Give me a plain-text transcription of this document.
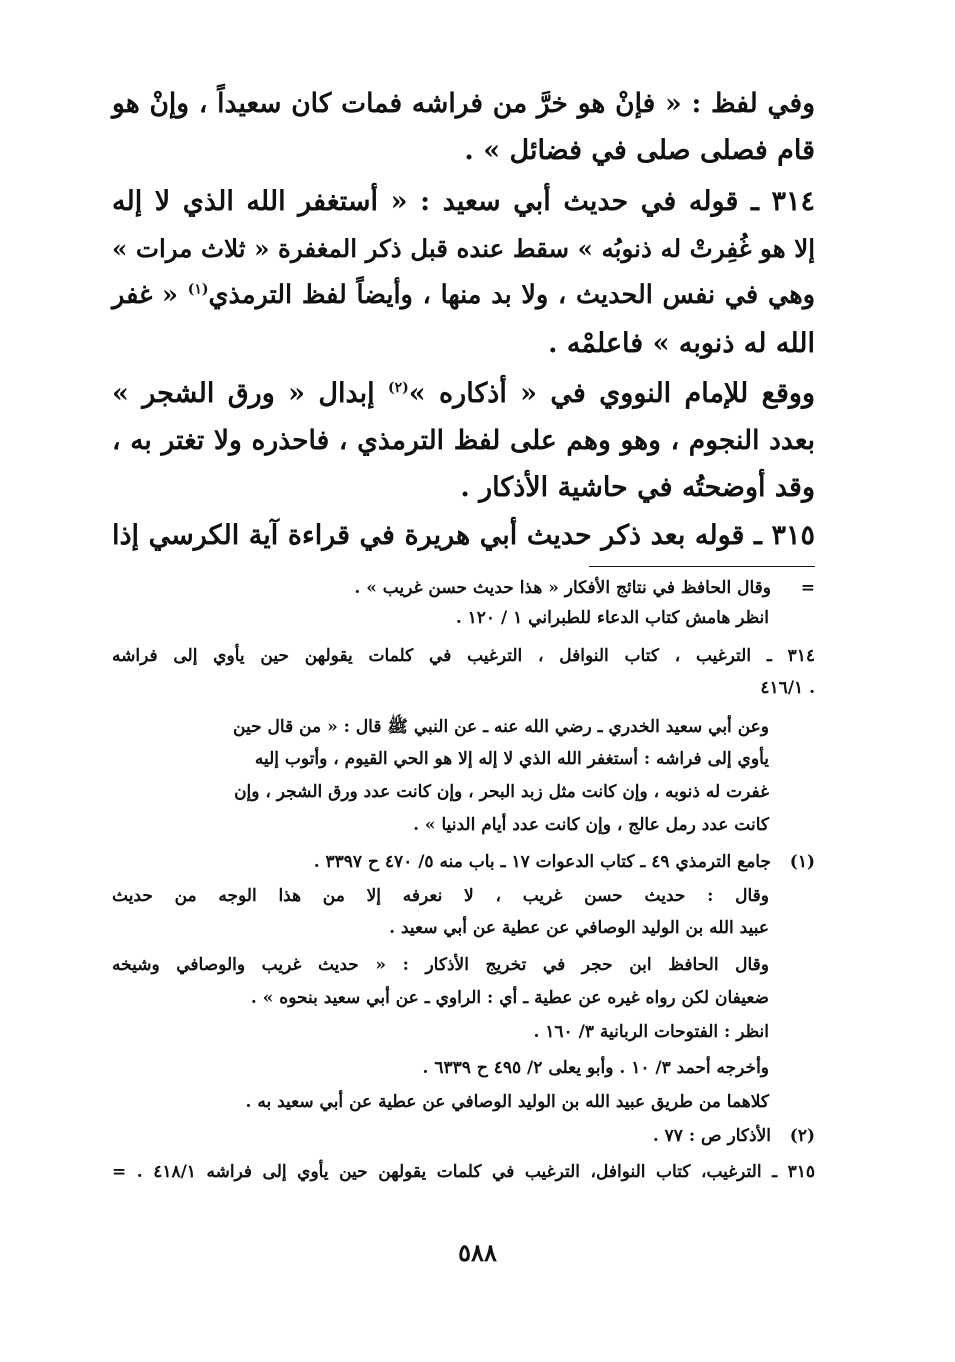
وفي لفظ : « فإنْ هو خرَّ من فراشه فمات كان سعيداً ، وإنْ هو
قام فصلى صلى في فضائل » .
٣١٤ ـ قوله في حديث أبي سعيد : « أستغفر الله الذي لا إله
إلا هو غُفِرتْ له ذنوبُه » سقط عنده قبل ذكر المغفرة « ثلاث مرات »
وهي في نفس الحديث ، ولا بد منها ، وأيضاً لفظ الترمذي$^{(١)}$ « غفر
الله له ذنوبه » فاعلمْه .
ووقع للإمام النووي في « أذكاره »$^{(٢)}$ إبدال « ورق الشجر »
بعدد النجوم ، وهو وهم على لفظ الترمذي ، فاحذره ولا تغتر به ،
وقد أوضحتُه في حاشية الأذكار .
٣١٥ ـ قوله بعد ذكر حديث أبي هريرة في قراءة آية الكرسي إذا
=وقال الحافظ في نتائج الأفكار « هذا حديث حسن غريب » .
انظر هامش كتاب الدعاء للطبراني ١ / ١٢٠ .
٣١٤ ـ الترغيب ، كتاب النوافل ، الترغيب في كلمات يقولهن حين يأوي إلى فراشه
٤١٦/١ .
وعن أبي سعيد الخدري ـ رضي الله عنه ـ عن النبي ﷺ قال : « من قال حين
يأوي إلى فراشه : أستغفر الله الذي لا إله إلا هو الحي القيوم ، وأتوب إليه
غفرت له ذنوبه ، وإن كانت مثل زبد البحر ، وإن كانت عدد ورق الشجر ، وإن
كانت عدد رمل عالج ، وإن كانت عدد أيام الدنيا » .
(١)جامع الترمذي ٤٩ ـ كتاب الدعوات ١٧ ـ باب منه ٥/ ٤٧٠ ح ٣٣٩٧ .
وقال : حديث حسن غريب ، لا نعرفه إلا من هذا الوجه من حديث
عبيد الله بن الوليد الوصافي عن عطية عن أبي سعيد .
وقال الحافظ ابن حجر في تخريج الأذكار : « حديث غريب والوصافي وشيخه
ضعيفان لكن رواه غيره عن عطية ـ أي : الراوي ـ عن أبي سعيد بنحوه » .
انظر : الفتوحات الربانية ٣/ ١٦٠ .
وأخرجه أحمد ٣/ ١٠ . وأبو يعلى ٢/ ٤٩٥ ح ٦٣٣٩ .
كلاهما من طريق عبيد الله بن الوليد الوصافي عن عطية عن أبي سعيد به .
(٢)الأذكار ص : ٧٧ .
٣١٥ ـ الترغيب، كتاب النوافل، الترغيب في كلمات يقولهن حين يأوي إلى فراشه ٤١٨/١ . =
٥٨٨
